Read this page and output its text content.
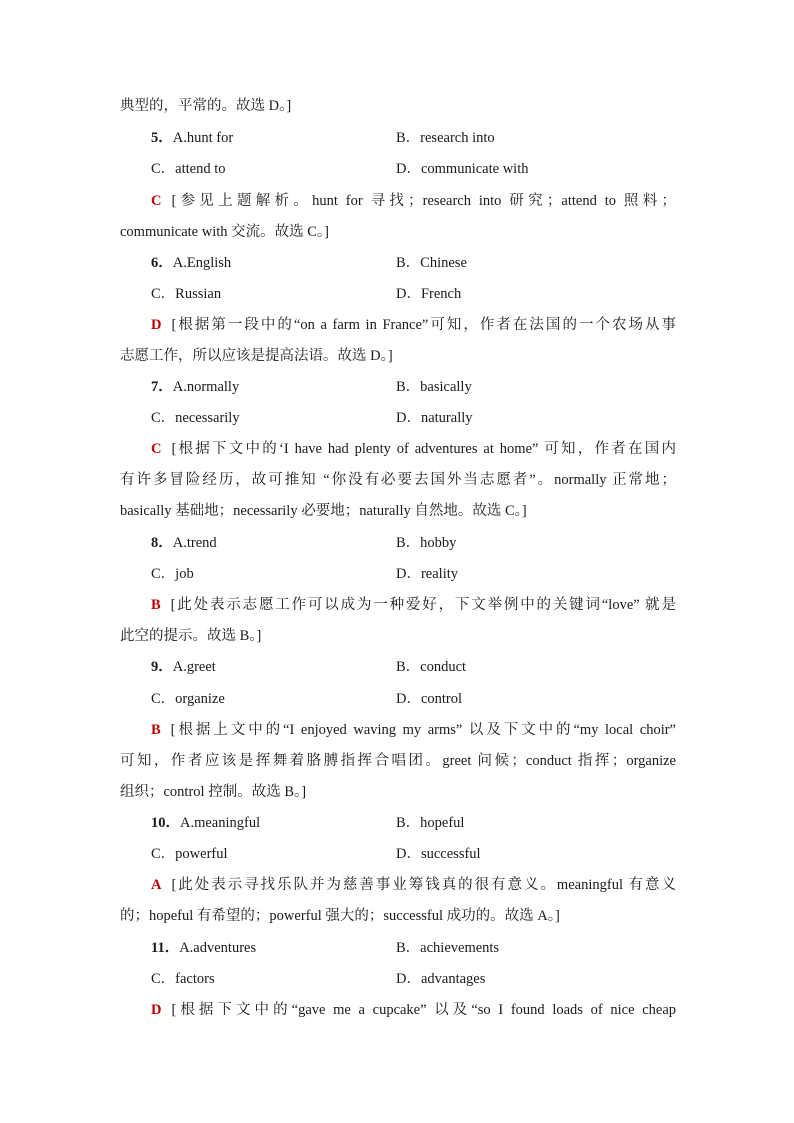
典型的，平常的。故选 D。]
5．A.hunt for	B．research into
C．attend to	D．communicate with
C [参见上题解析。hunt for 寻找；research into 研究；attend to 照料；
communicate with 交流。故选 C。]
6．A.English	B．Chinese
C．Russian	D．French
D [根据第一段中的“on a farm in France”可知，作者在法国的一个农场从事
志愿工作，所以应该是提高法语。故选 D。]
7．A.normally	B．basically
C．necessarily	D．naturally
C [根据下文中的‘I have had plenty of adventures at home” 可知，作者在国内
有许多冒险经历，故可推知 “你没有必要去国外当志愿者”。normally 正常地；
basically 基础地；necessarily 必要地；naturally 自然地。故选 C。]
8．A.trend	B．hobby
C．job	D．reality
B [此处表示志愿工作可以成为一种爱好，下文举例中的关键词“love” 就是
此空的提示。故选 B。]
9．A.greet	B．conduct
C．organize	D．control
B [根据上文中的“I enjoyed waving my arms” 以及下文中的“my local choir”
可知，作者应该是挥舞着胳膊指挥合唱团。greet 问候；conduct 指挥；organize
组织；control 控制。故选 B。]
10．A.meaningful	B．hopeful
C．powerful	D．successful
A [此处表示寻找乐队并为慈善事业筹钱真的很有意义。meaningful 有意义
的；hopeful 有希望的；powerful 强大的；successful 成功的。故选 A。]
11．A.adventures	B．achievements
C．factors	D．advantages
D [根据下文中的“gave me a cupcake” 以及“so I found loads of nice cheap
